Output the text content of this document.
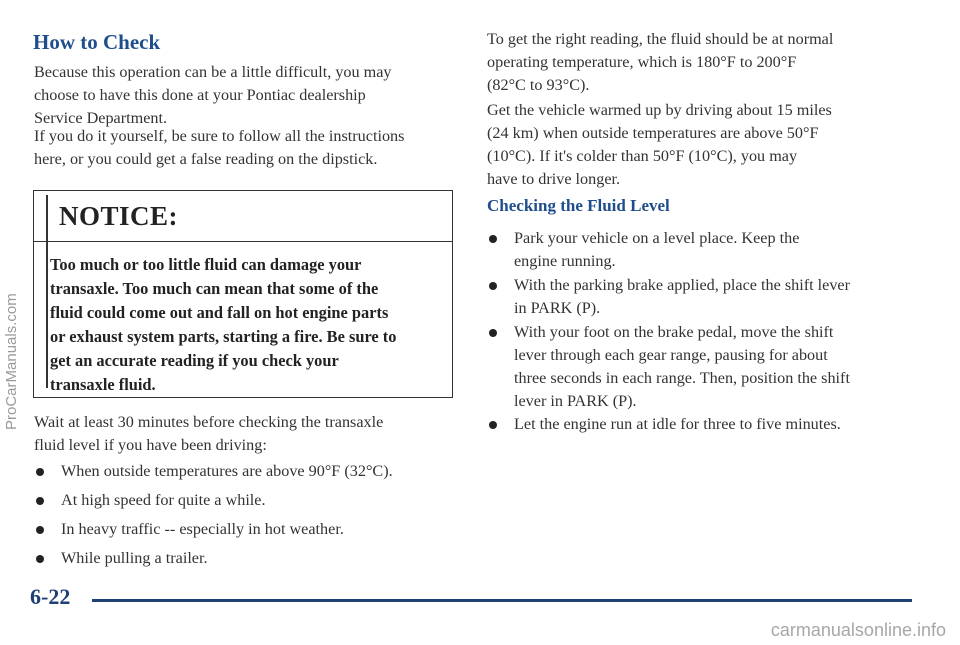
How to Check

Because this operation can be a little difficult, you may
choose to have this done at your Pontiac dealership
Service Department.

If you do it yourself, be sure to follow all the instructions
here, or you could get a false reading on the dipstick.

NOTICE:

Too much or too little fluid can damage your
transaxle. Too much can mean that some of the
fluid could come out and fall on hot engine parts
or exhaust system parts, starting a fire. Be sure to
get an accurate reading if you check your
transaxle fluid.

Wait at least 30 minutes before checking the transaxle
fluid level if you have been driving:

When outside temperatures are above 90°F (32°C).
At high speed for quite a while.
In heavy traffic -- especially in hot weather.
While pulling a trailer.

To get the right reading, the fluid should be at normal
operating temperature, which is 180°F to 200°F
(82°C to 93°C).

Get the vehicle warmed up by driving about 15 miles
(24 km) when outside temperatures are above 50°F
(10°C). If it's colder than 50°F (10°C), you may
have to drive longer.

Checking the Fluid Level
Park your vehicle on a level place. Keep the
engine running.
With the parking brake applied, place the shift lever
in PARK (P).
With your foot on the brake pedal, move the shift
lever through each gear range, pausing for about
three seconds in each range. Then, position the shift
lever in PARK (P).
Let the engine run at idle for three to five minutes.
6-22
ProCarManuals.com
carmanualsonline.info
